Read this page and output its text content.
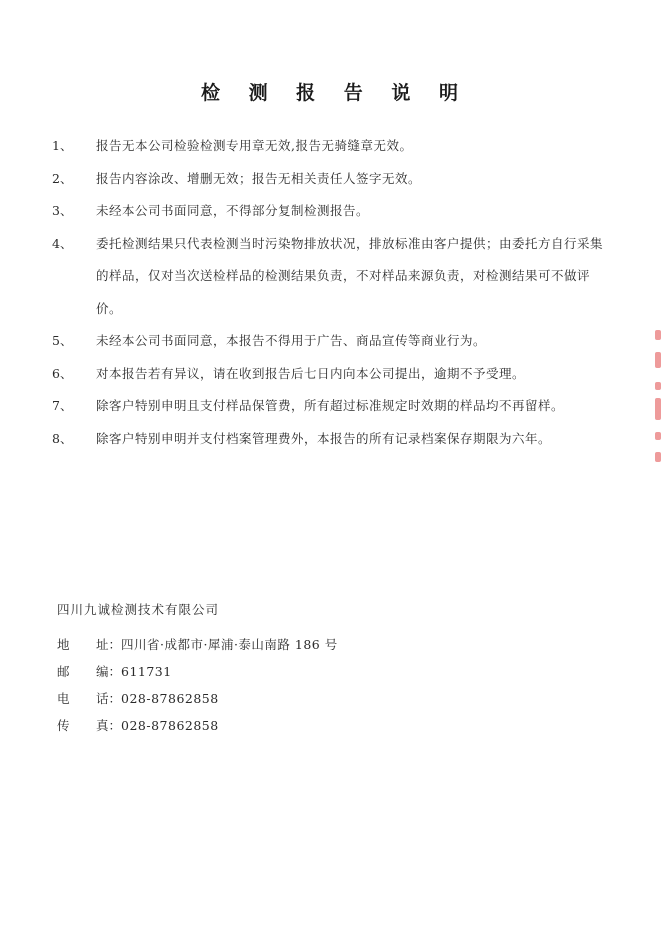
检 测 报 告 说 明
1、	报告无本公司检验检测专用章无效,报告无骑缝章无效。
2、	报告内容涂改、增删无效；报告无相关责任人签字无效。
3、	未经本公司书面同意，不得部分复制检测报告。
4、	委托检测结果只代表检测当时污染物排放状况，排放标准由客户提供；由委托方自行采集的样品，仅对当次送检样品的检测结果负责，不对样品来源负责，对检测结果可不做评价。
5、	未经本公司书面同意，本报告不得用于广告、商品宣传等商业行为。
6、	对本报告若有异议，请在收到报告后七日内向本公司提出，逾期不予受理。
7、	除客户特别申明且支付样品保管费，所有超过标准规定时效期的样品均不再留样。
8、	除客户特别申明并支付档案管理费外，本报告的所有记录档案保存期限为六年。
四川九诚检测技术有限公司
地 址： 四川省·成都市·犀浦·泰山南路 186 号
邮 编： 611731
电 话： 028-87862858
传 真： 028-87862858
